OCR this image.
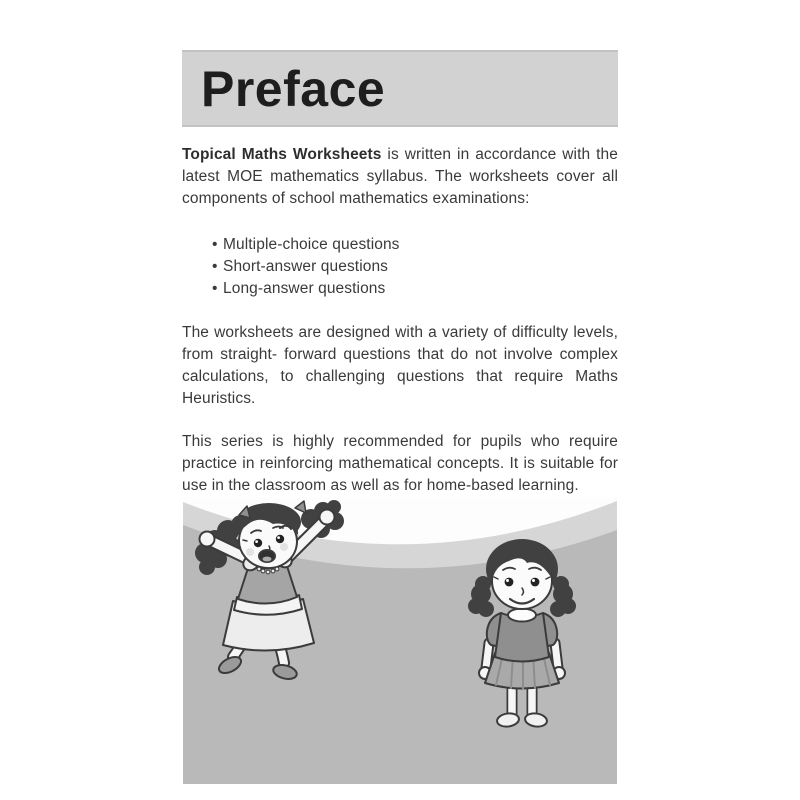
Preface

Topical Maths Worksheets is written in accordance with the latest MOE mathematics syllabus. The worksheets cover all components of school mathematics examinations:

• Multiple-choice questions
• Short-answer questions
• Long-answer questions

The worksheets are designed with a variety of difficulty levels, from straight- forward questions that do not involve complex calculations, to challenging questions that require Maths Heuristics.

This series is highly recommended for pupils who require practice in reinforcing mathematical concepts. It is suitable for use in the classroom as well as for home-based learning.
